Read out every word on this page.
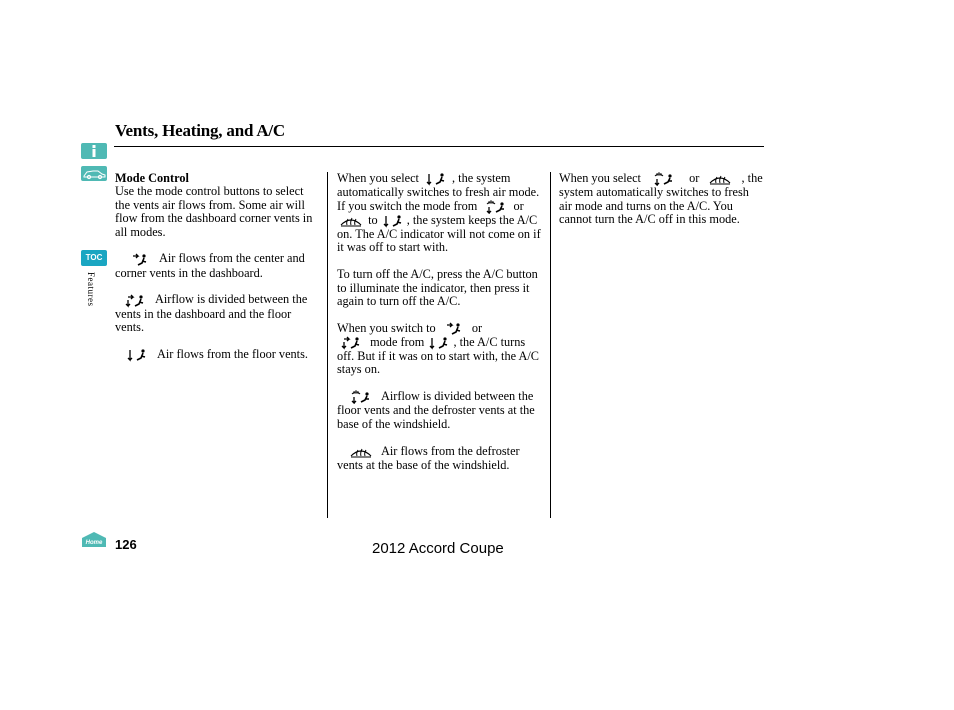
TOC
Features
Vents, Heating, and A/C

Mode Control

Use the mode control buttons to select the vents air flows from. Some air will flow from the dashboard corner vents in all modes.

Air flows from the center and corner vents in the dashboard.

Airflow is divided between the vents in the dashboard and the floor vents.

Air flows from the floor vents.

When you select	, the system automatically switches to fresh air mode. If you switch the mode from	or
to , the system keeps the A/C on. The A/C indicator will not come on if it was off to start with.

To turn off the A/C, press the A/C button to illuminate the indicator, then press it again to turn off the A/C.

When you switch to	or

mode from , the A/C turns off. But if it was on to start with, the A/C stays on.

Airflow is divided between the floor vents and the defroster vents at the base of the windshield.

Air flows from the defroster vents at the base of the windshield.

When you select	or	, the system automatically switches to fresh air mode and turns on the A/C. You cannot turn the A/C off in this mode.

Home 126	2012 Accord Coupe
